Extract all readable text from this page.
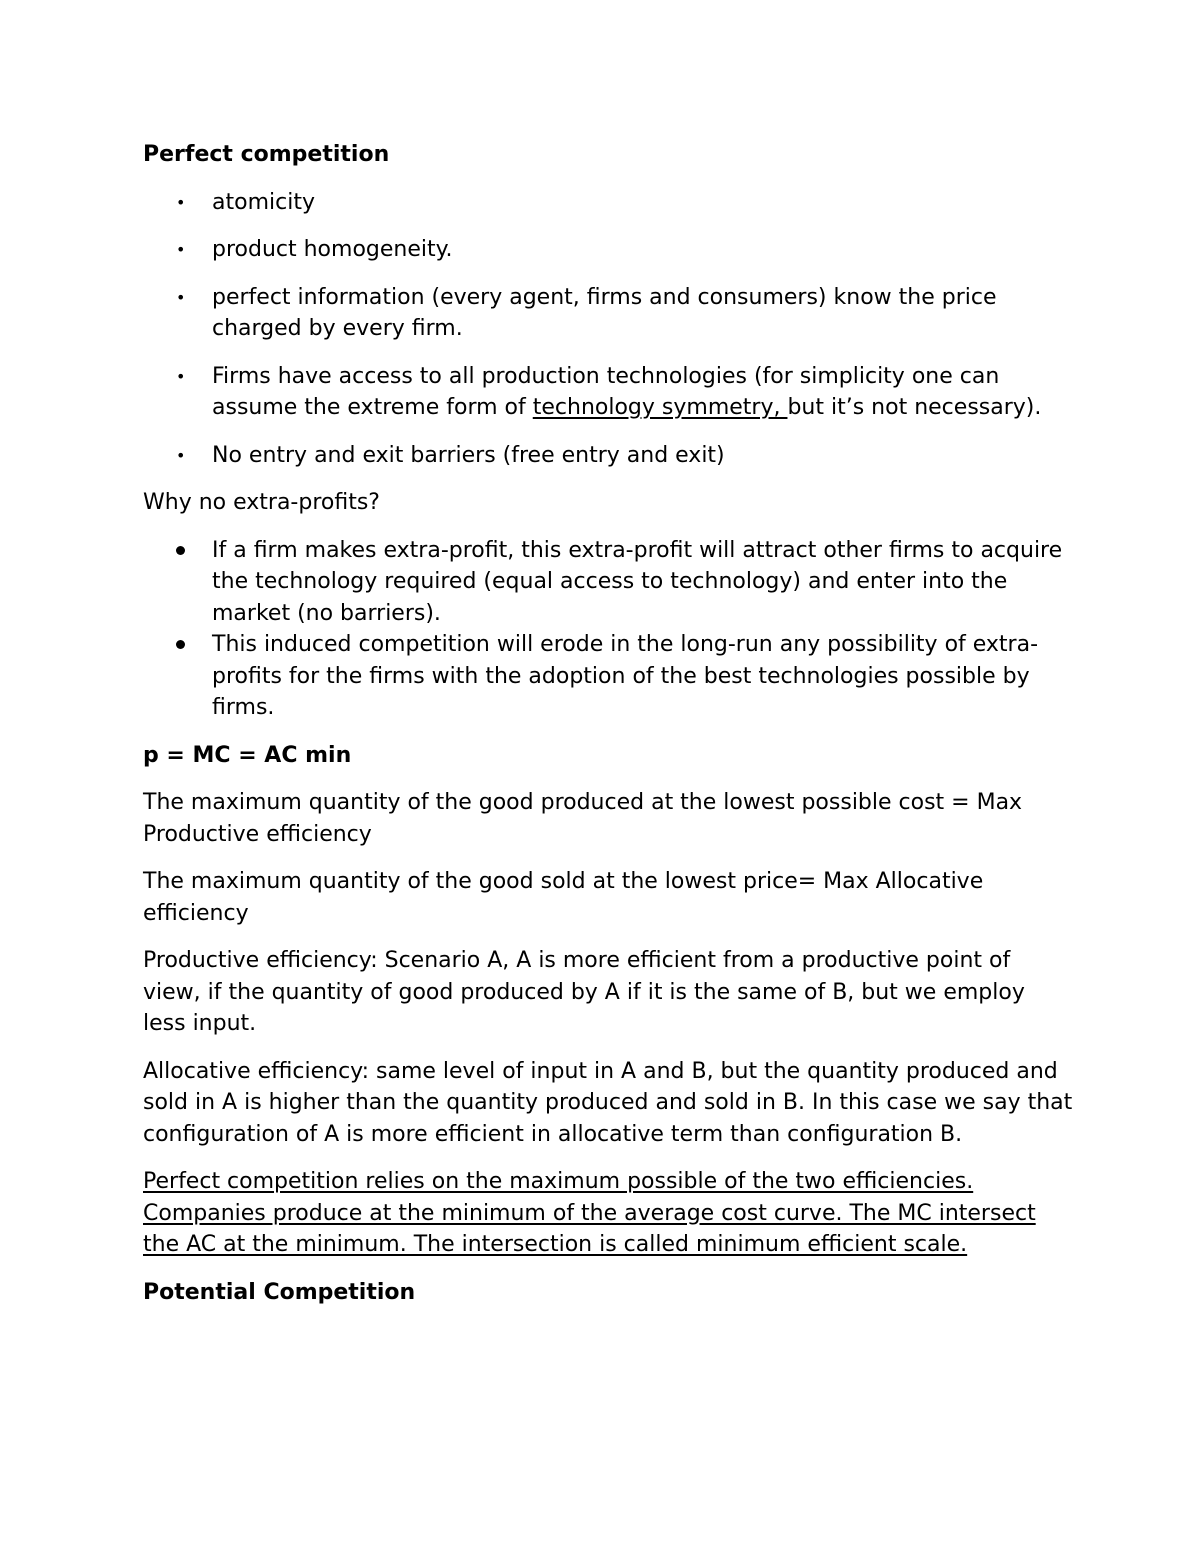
Perfect competition

• atomicity
• product homogeneity.
• perfect information (every agent, firms and consumers) know the price charged by every firm.
• Firms have access to all production technologies (for simplicity one can assume the extreme form of technology symmetry, but it’s not necessary).
• No entry and exit barriers (free entry and exit)

Why no extra-profits?

If a firm makes extra-profit, this extra-profit will attract other firms to acquire the technology required (equal access to technology) and enter into the market (no barriers).
This induced competition will erode in the long-run any possibility of extra-profits for the firms with the adoption of the best technologies possible by firms.

p = MC = AC min

The maximum quantity of the good produced at the lowest possible cost = Max Productive efficiency

The maximum quantity of the good sold at the lowest price= Max Allocative efficiency

Productive efficiency: Scenario A, A is more efficient from a productive point of view, if the quantity of good produced by A if it is the same of B, but we employ less input.

Allocative efficiency: same level of input in A and B, but the quantity produced and sold in A is higher than the quantity produced and sold in B. In this case we say that configuration of A is more efficient in allocative term than configuration B.

Perfect competition relies on the maximum possible of the two efficiencies. Companies produce at the minimum of the average cost curve. The MC intersect the AC at the minimum. The intersection is called minimum efficient scale.

Potential Competition
